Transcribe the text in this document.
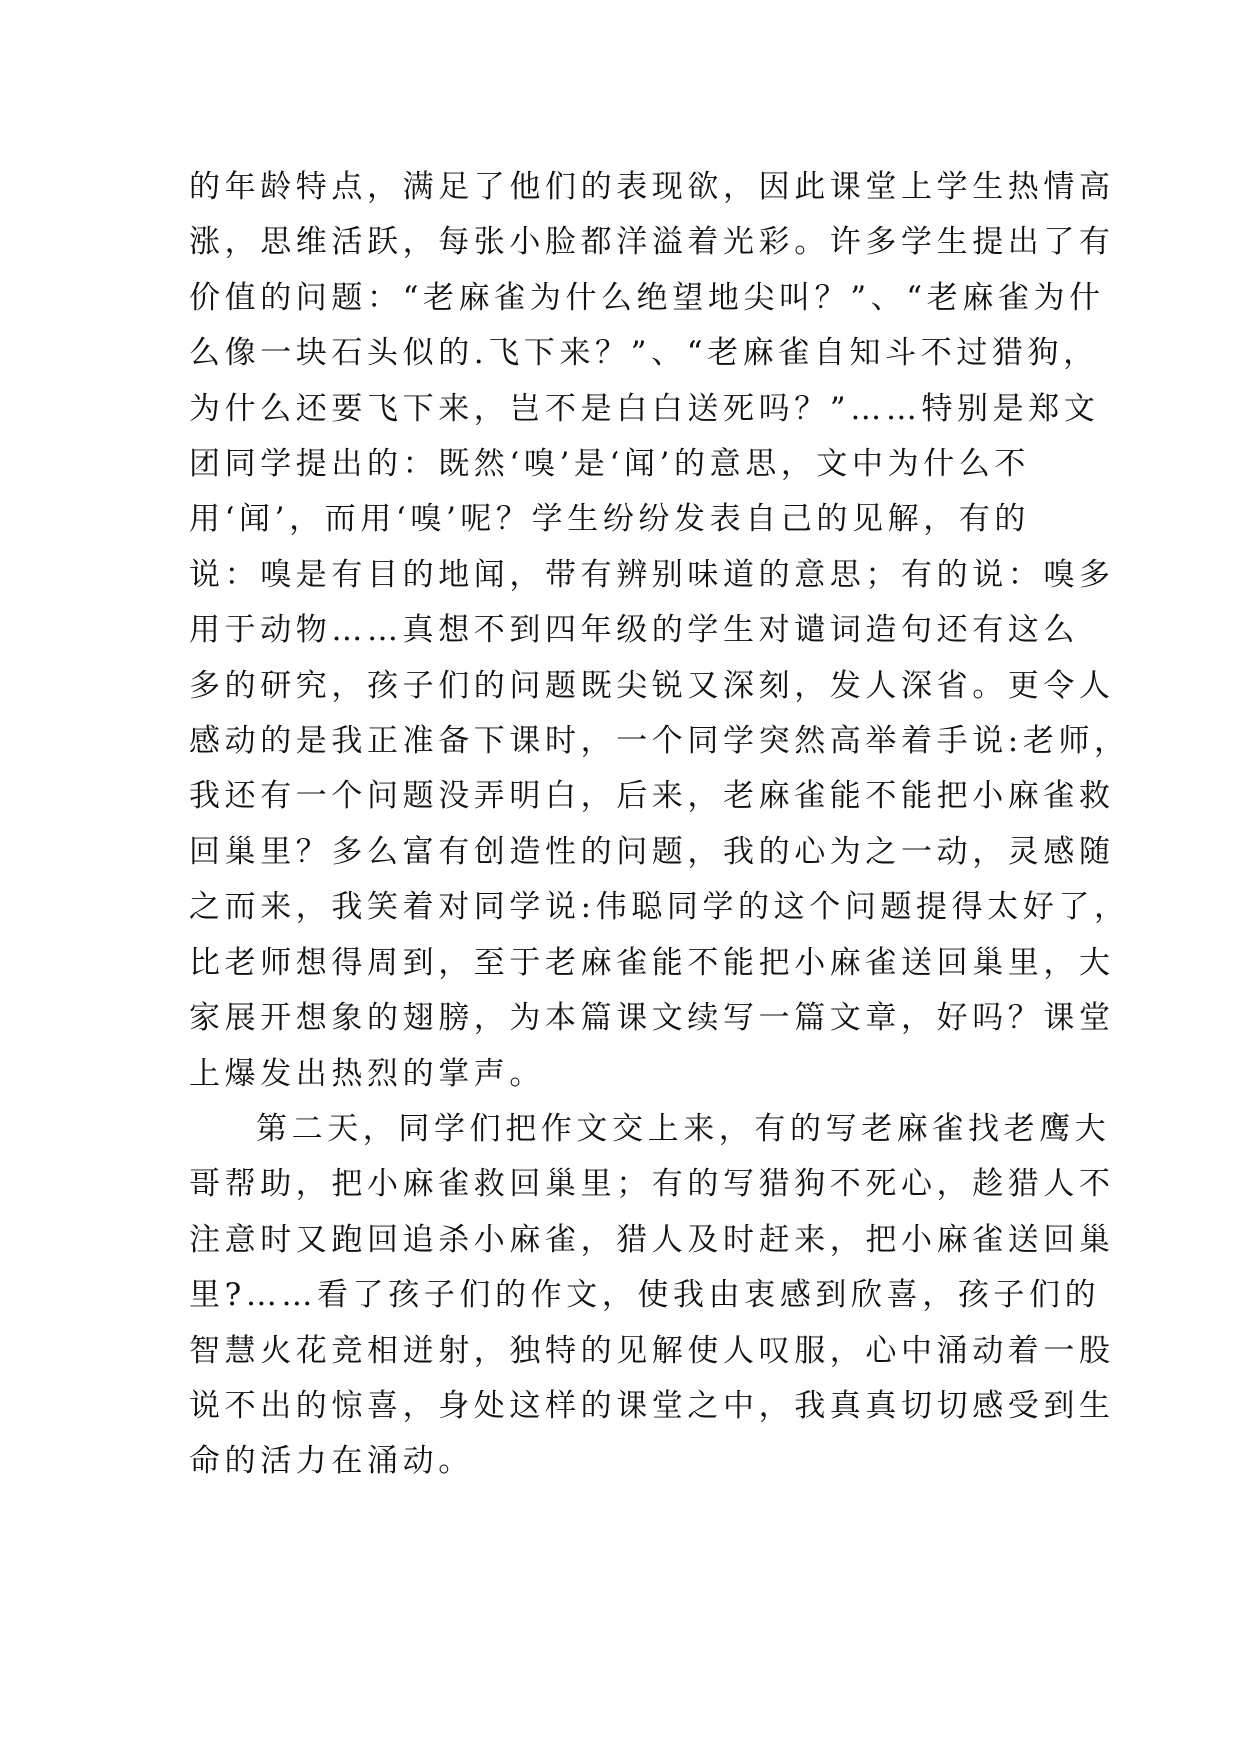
的年龄特点，满足了他们的表现欲，因此课堂上学生热情高
涨，思维活跃，每张小脸都洋溢着光彩。许多学生提出了有
价值的问题：“老麻雀为什么绝望地尖叫？”、“老麻雀为什
么像一块石头似的.飞下来？”、“老麻雀自知斗不过猎狗，
为什么还要飞下来，岂不是白白送死吗？”……特别是郑文
团同学提出的：既然‘嗅’是‘闻’的意思，文中为什么不
用‘闻’，而用‘嗅’呢？学生纷纷发表自己的见解，有的
说：嗅是有目的地闻，带有辨别味道的意思；有的说：嗅多
用于动物……真想不到四年级的学生对谴词造句还有这么
多的研究，孩子们的问题既尖锐又深刻，发人深省。更令人
感动的是我正准备下课时，一个同学突然高举着手说:老师，
我还有一个问题没弄明白，后来，老麻雀能不能把小麻雀救
回巢里？多么富有创造性的问题，我的心为之一动，灵感随
之而来，我笑着对同学说:伟聪同学的这个问题提得太好了，
比老师想得周到，至于老麻雀能不能把小麻雀送回巢里，大
家展开想象的翅膀，为本篇课文续写一篇文章，好吗？课堂
上爆发出热烈的掌声。

第二天，同学们把作文交上来，有的写老麻雀找老鹰大
哥帮助，把小麻雀救回巢里；有的写猎狗不死心，趁猎人不
注意时又跑回追杀小麻雀，猎人及时赶来，把小麻雀送回巢
里?……看了孩子们的作文，使我由衷感到欣喜，孩子们的
智慧火花竞相迸射，独特的见解使人叹服，心中涌动着一股
说不出的惊喜，身处这样的课堂之中，我真真切切感受到生
命的活力在涌动。
